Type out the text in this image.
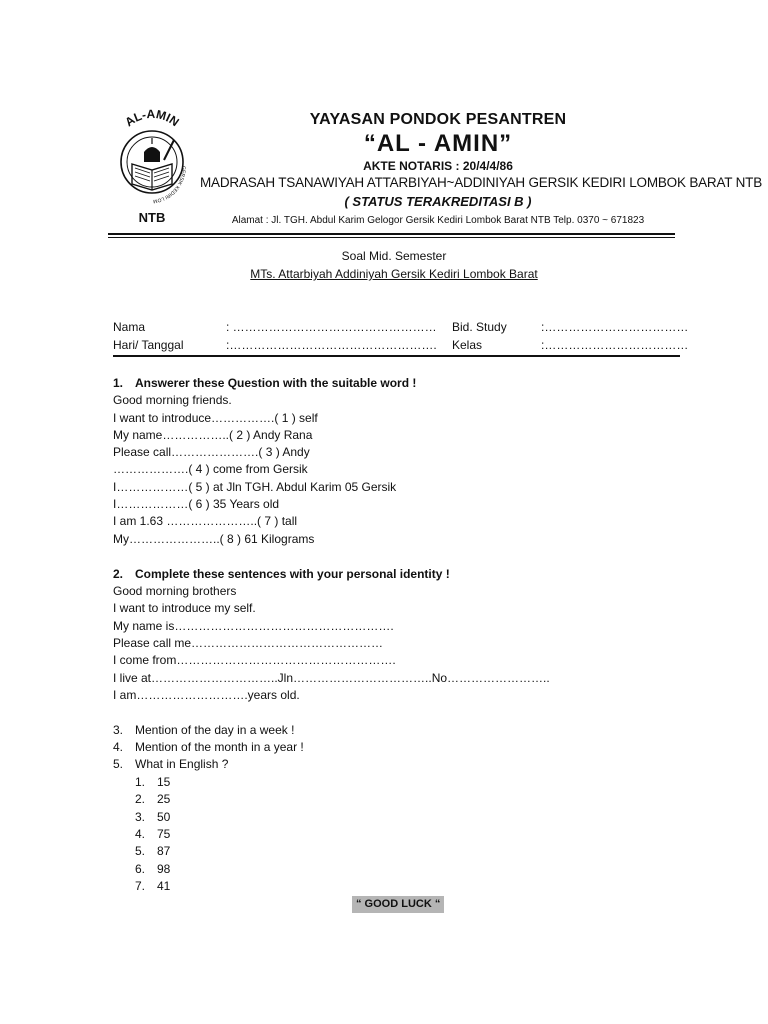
AL-AMIN
GERSIK KEDIRI LOM
NTB
YAYASAN PONDOK PESANTREN
“AL - AMIN”
AKTE NOTARIS : 20/4/4/86
MADRASAH TSANAWIYAH ATTARBIYAH~ADDINIYAH GERSIK KEDIRI LOMBOK BARAT NTB
( STATUS TERAKREDITASI B )
Alamat : Jl. TGH. Abdul Karim Gelogor Gersik Kediri Lombok Barat NTB Telp. 0370 ~ 671823
Soal Mid. Semester
MTs. Attarbiyah Addiniyah Gersik Kediri Lombok Barat
Nama	: …………………………………………… Bid. Study	:………………………………
Hari/ Tanggal	:……………………………………………. Kelas	:………………………………
1. Answerer these Question with the suitable word !
Good morning friends.
I want to introduce…………….( 1 ) self
My name……………..( 2 ) Andy Rana
Please call………………….( 3 ) Andy
……………….( 4 ) come from Gersik
I………………( 5 ) at Jln TGH. Abdul Karim 05 Gersik
I………………( 6 ) 35 Years old
I am 1.63 …………………..( 7 ) tall
My…………………..( 8 ) 61 Kilograms
2. Complete these sentences with your personal identity !
Good morning brothers
I want to introduce my self.
My name is……………………………………………….
Please call me…………………………………………
I come from……………………………………………….
I live at…………………………..Jln……………………………..No……………………..
I am……………………….years old.
3. Mention of the day in a week !
4. Mention of the month in a year !
5. What in English ?
1. 15
2. 25
3. 50
4. 75
5. 87
6. 98
7. 41
“ GOOD LUCK “
